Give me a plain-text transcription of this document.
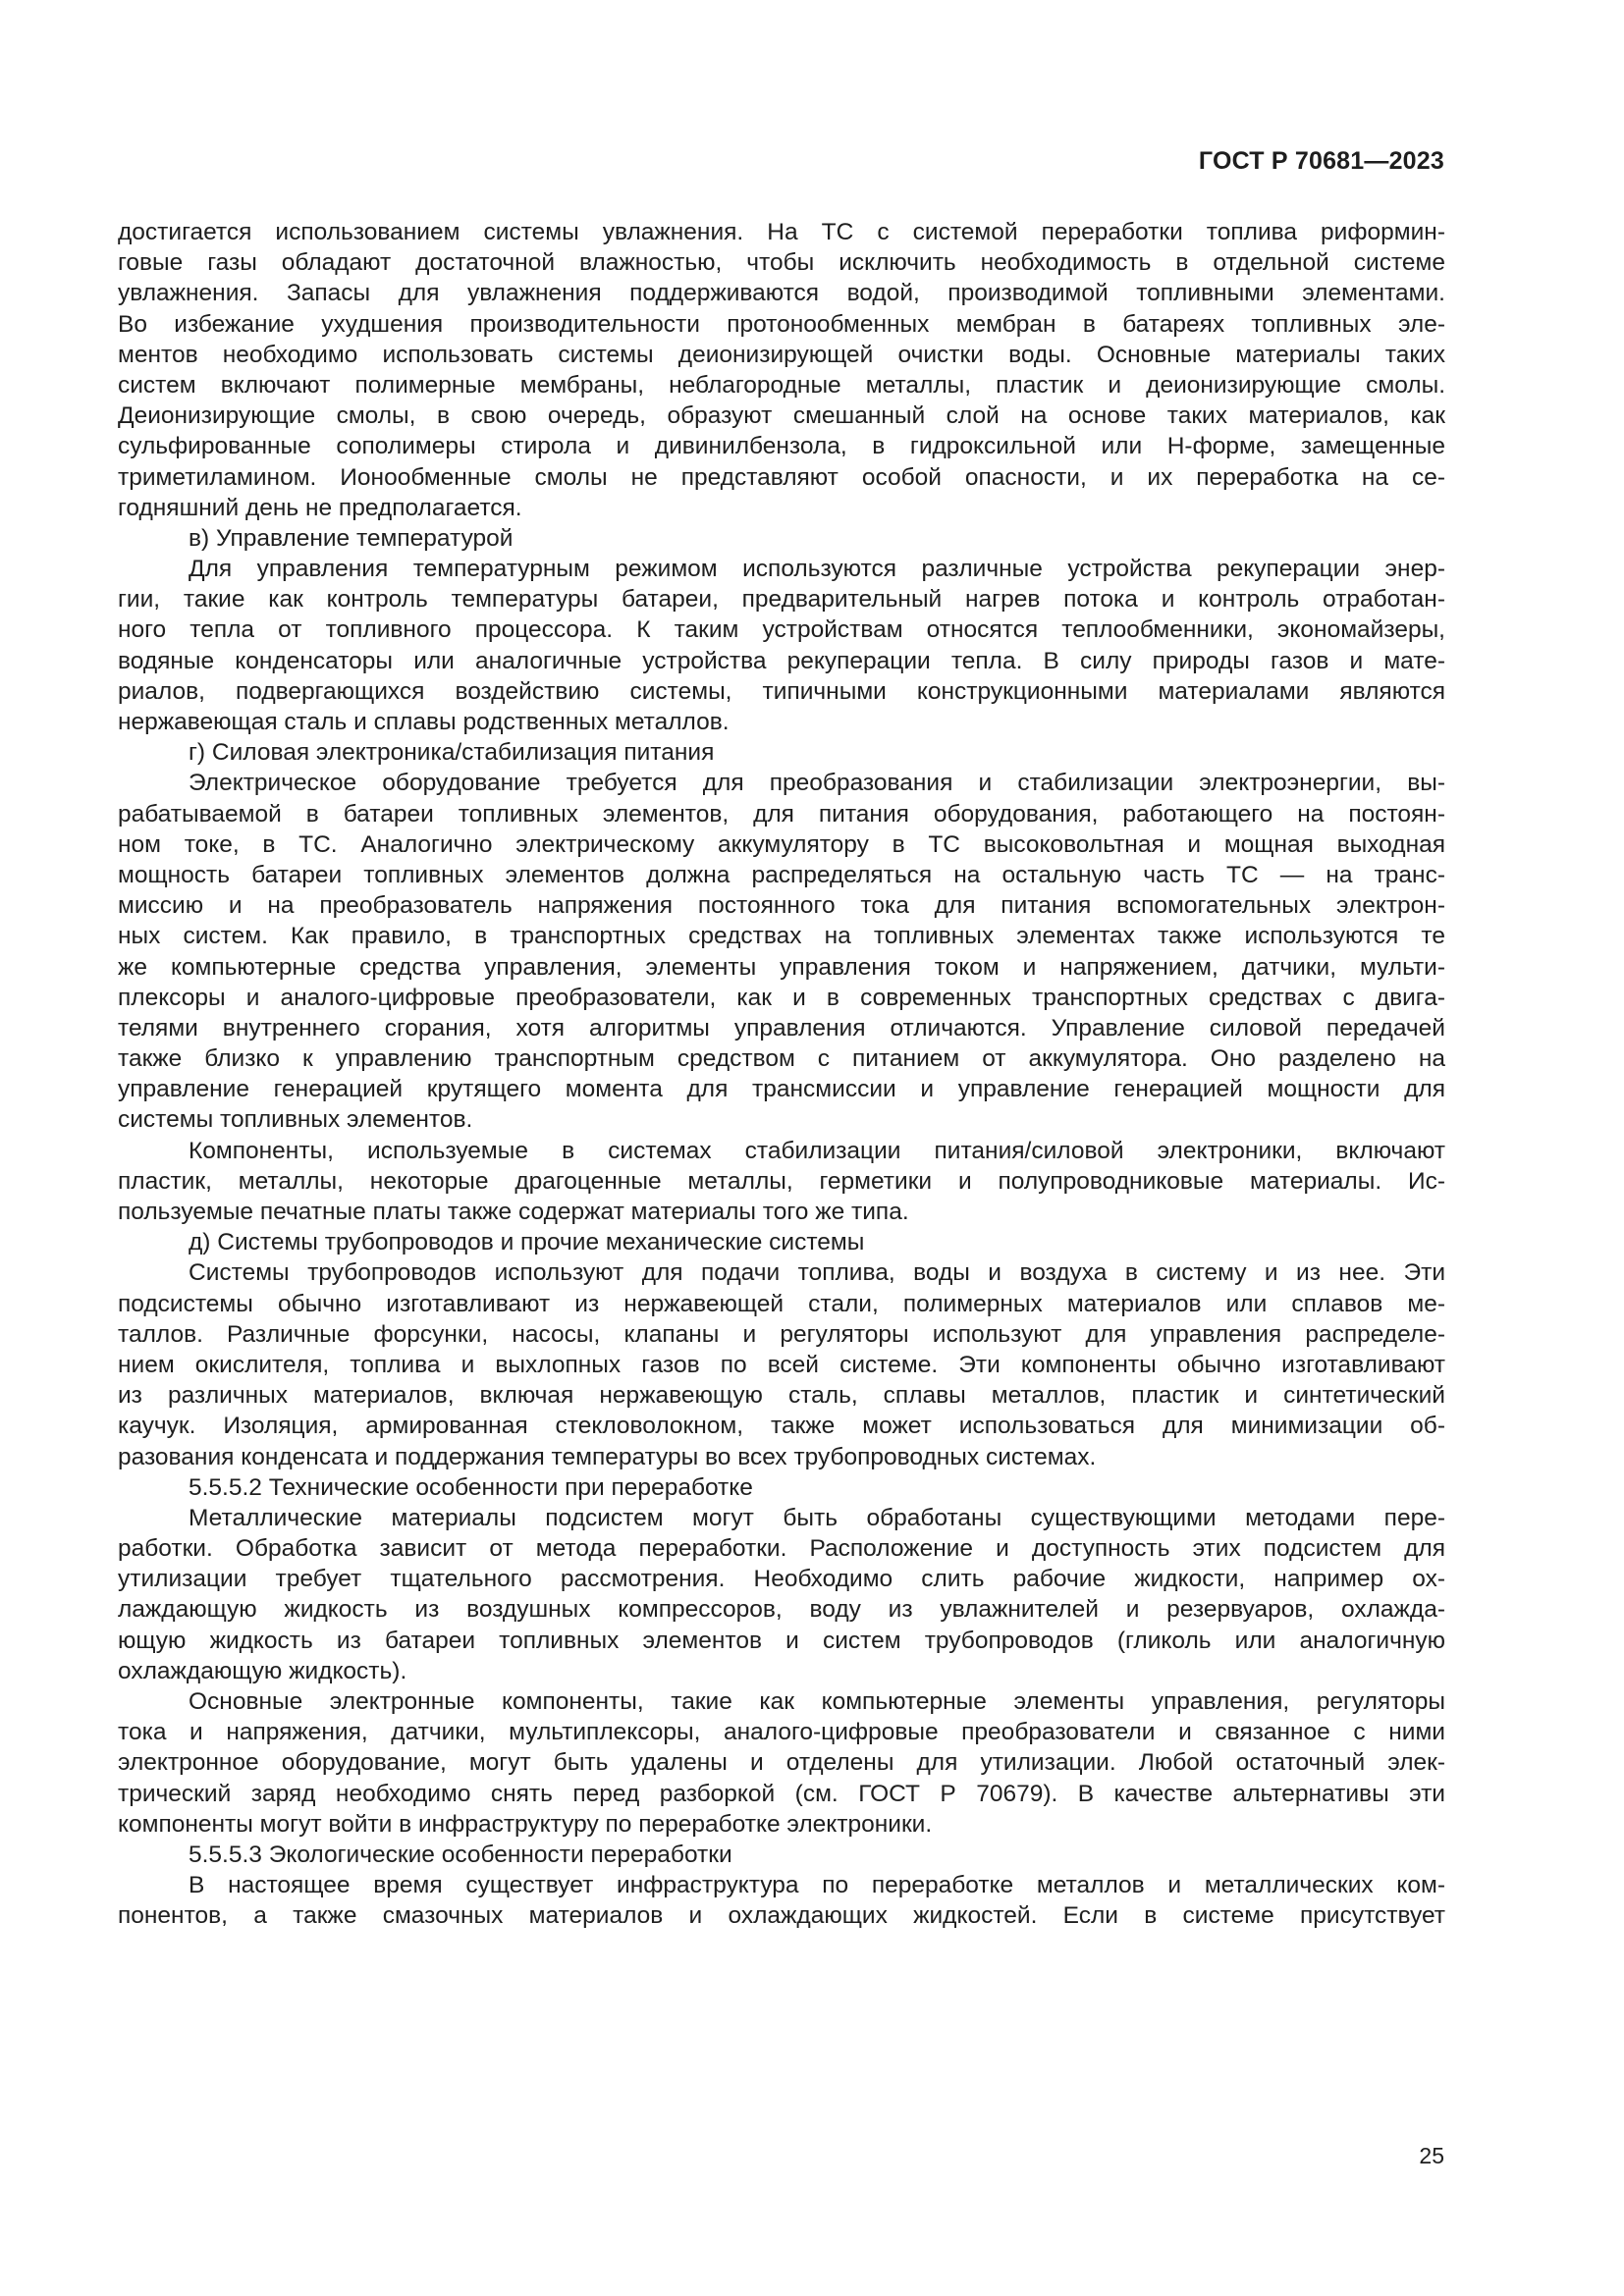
ГОСТ Р 70681—2023
достигается использованием системы увлажнения. На ТС с системой переработки топлива риформин-
говые газы обладают достаточной влажностью, чтобы исключить необходимость в отдельной системе
увлажнения. Запасы для увлажнения поддерживаются водой, производимой топливными элементами.
Во избежание ухудшения производительности протонообменных мембран в батареях топливных эле-
ментов необходимо использовать системы деионизирующей очистки воды. Основные материалы таких
систем включают полимерные мембраны, неблагородные металлы, пластик и деионизирующие смолы.
Деионизирующие смолы, в свою очередь, образуют смешанный слой на основе таких материалов, как
сульфированные сополимеры стирола и дивинилбензола, в гидроксильной или Н-форме, замещенные
триметиламином. Ионообменные смолы не представляют особой опасности, и их переработка на се-
годняшний день не предполагается.
в) Управление температурой
Для управления температурным режимом используются различные устройства рекуперации энер-
гии, такие как контроль температуры батареи, предварительный нагрев потока и контроль отработан-
ного тепла от топливного процессора. К таким устройствам относятся теплообменники, экономайзеры,
водяные конденсаторы или аналогичные устройства рекуперации тепла. В силу природы газов и мате-
риалов, подвергающихся воздействию системы, типичными конструкционными материалами являются
нержавеющая сталь и сплавы родственных металлов.
г) Силовая электроника/стабилизация питания
Электрическое оборудование требуется для преобразования и стабилизации электроэнергии, вы-
рабатываемой в батареи топливных элементов, для питания оборудования, работающего на постоян-
ном токе, в ТС. Аналогично электрическому аккумулятору в ТС высоковольтная и мощная выходная
мощность батареи топливных элементов должна распределяться на остальную часть ТС — на транс-
миссию и на преобразователь напряжения постоянного тока для питания вспомогательных электрон-
ных систем. Как правило, в транспортных средствах на топливных элементах также используются те
же компьютерные средства управления, элементы управления током и напряжением, датчики, мульти-
плексоры и аналого-цифровые преобразователи, как и в современных транспортных средствах с двига-
телями внутреннего сгорания, хотя алгоритмы управления отличаются. Управление силовой передачей
также близко к управлению транспортным средством с питанием от аккумулятора. Оно разделено на
управление генерацией крутящего момента для трансмиссии и управление генерацией мощности для
системы топливных элементов.
Компоненты, используемые в системах стабилизации питания/силовой электроники, включают
пластик, металлы, некоторые драгоценные металлы, герметики и полупроводниковые материалы. Ис-
пользуемые печатные платы также содержат материалы того же типа.
д) Системы трубопроводов и прочие механические системы
Системы трубопроводов используют для подачи топлива, воды и воздуха в систему и из нее. Эти
подсистемы обычно изготавливают из нержавеющей стали, полимерных материалов или сплавов ме-
таллов. Различные форсунки, насосы, клапаны и регуляторы используют для управления распределе-
нием окислителя, топлива и выхлопных газов по всей системе. Эти компоненты обычно изготавливают
из различных материалов, включая нержавеющую сталь, сплавы металлов, пластик и синтетический
каучук. Изоляция, армированная стекловолокном, также может использоваться для минимизации об-
разования конденсата и поддержания температуры во всех трубопроводных системах.
5.5.5.2 Технические особенности при переработке
Металлические материалы подсистем могут быть обработаны существующими методами пере-
работки. Обработка зависит от метода переработки. Расположение и доступность этих подсистем для
утилизации требует тщательного рассмотрения. Необходимо слить рабочие жидкости, например ох-
лаждающую жидкость из воздушных компрессоров, воду из увлажнителей и резервуаров, охлажда-
ющую жидкость из батареи топливных элементов и систем трубопроводов (гликоль или аналогичную
охлаждающую жидкость).
Основные электронные компоненты, такие как компьютерные элементы управления, регуляторы
тока и напряжения, датчики, мультиплексоры, аналого-цифровые преобразователи и связанное с ними
электронное оборудование, могут быть удалены и отделены для утилизации. Любой остаточный элек-
трический заряд необходимо снять перед разборкой (см. ГОСТ Р 70679). В качестве альтернативы эти
компоненты могут войти в инфраструктуру по переработке электроники.
5.5.5.3 Экологические особенности переработки
В настоящее время существует инфраструктура по переработке металлов и металлических ком-
понентов, а также смазочных материалов и охлаждающих жидкостей. Если в системе присутствует
25
